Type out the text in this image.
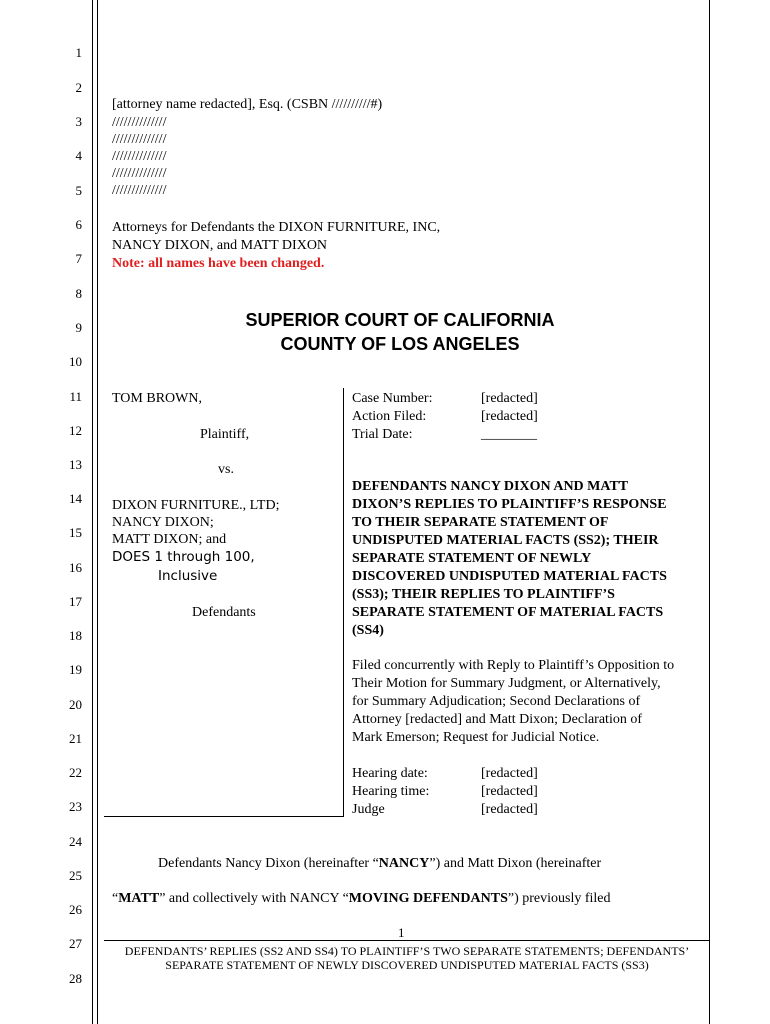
1
2
3
4
5
6
7
8
9
10
11
12
13
14
15
16
17
18
19
20
21
22
23
24
25
26
27
28
[attorney name redacted], Esq. (CSBN //////////#)
//////////////
//////////////
//////////////
//////////////
//////////////
Attorneys for Defendants the DIXON FURNITURE, INC,
NANCY DIXON, and MATT DIXON
Note: all names have been changed.
SUPERIOR COURT OF CALIFORNIA
COUNTY OF LOS ANGELES
TOM BROWN,
Plaintiff,
vs.
DIXON FURNITURE., LTD;
NANCY DIXON;
MATT DIXON; and
DOES 1 through 100,
Inclusive
Defendants
Case Number:	[redacted]
Action Filed:	[redacted]
Trial Date:	________
DEFENDANTS NANCY DIXON AND MATT
DIXON’S REPLIES TO PLAINTIFF’S RESPONSE
TO THEIR SEPARATE STATEMENT OF
UNDISPUTED MATERIAL FACTS (SS2); THEIR
SEPARATE STATEMENT OF NEWLY
DISCOVERED UNDISPUTED MATERIAL FACTS
(SS3); THEIR REPLIES TO PLAINTIFF’S
SEPARATE STATEMENT OF MATERIAL FACTS
(SS4)
Filed concurrently with Reply to Plaintiff’s Opposition to
Their Motion for Summary Judgment, or Alternatively,
for Summary Adjudication; Second Declarations of
Attorney [redacted] and Matt Dixon; Declaration of
Mark Emerson; Request for Judicial Notice.
Hearing date:	[redacted]
Hearing time:	[redacted]
Judge	[redacted]
Defendants Nancy Dixon (hereinafter “NANCY”) and Matt Dixon (hereinafter
“MATT” and collectively with NANCY “MOVING DEFENDANTS”) previously filed
1
DEFENDANTS’ REPLIES (SS2 AND SS4) TO PLAINTIFF’S TWO SEPARATE STATEMENTS; DEFENDANTS’
SEPARATE STATEMENT OF NEWLY DISCOVERED UNDISPUTED MATERIAL FACTS (SS3)
